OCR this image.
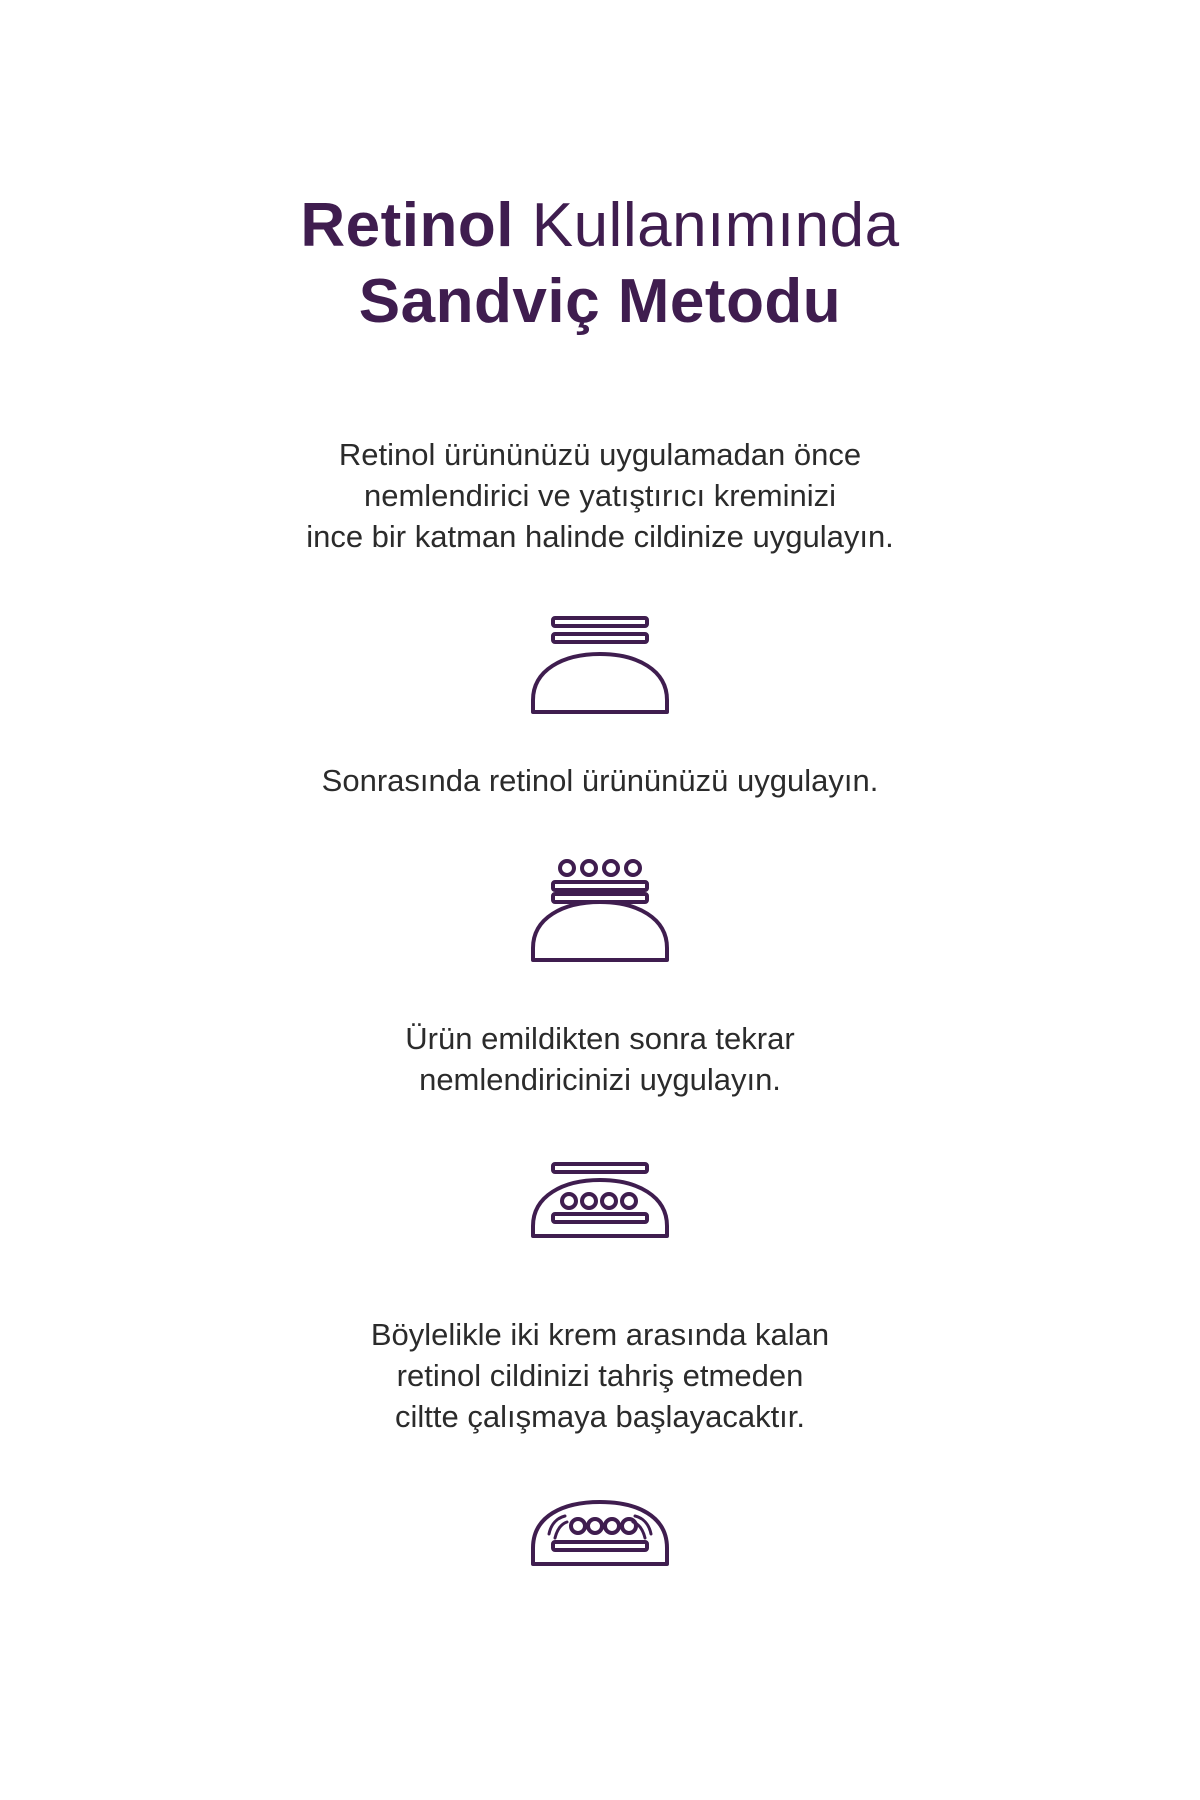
Retinol Kullanımında
Sandviç Metodu
Retinol ürününüzü uygulamadan önce
nemlendirici ve yatıştırıcı kreminizi
ince bir katman halinde cildinize uygulayın.
Sonrasında retinol ürününüzü uygulayın.
Ürün emildikten sonra tekrar
nemlendiricinizi uygulayın.
Böylelikle iki krem arasında kalan
retinol cildinizi tahriş etmeden
ciltte çalışmaya başlayacaktır.
